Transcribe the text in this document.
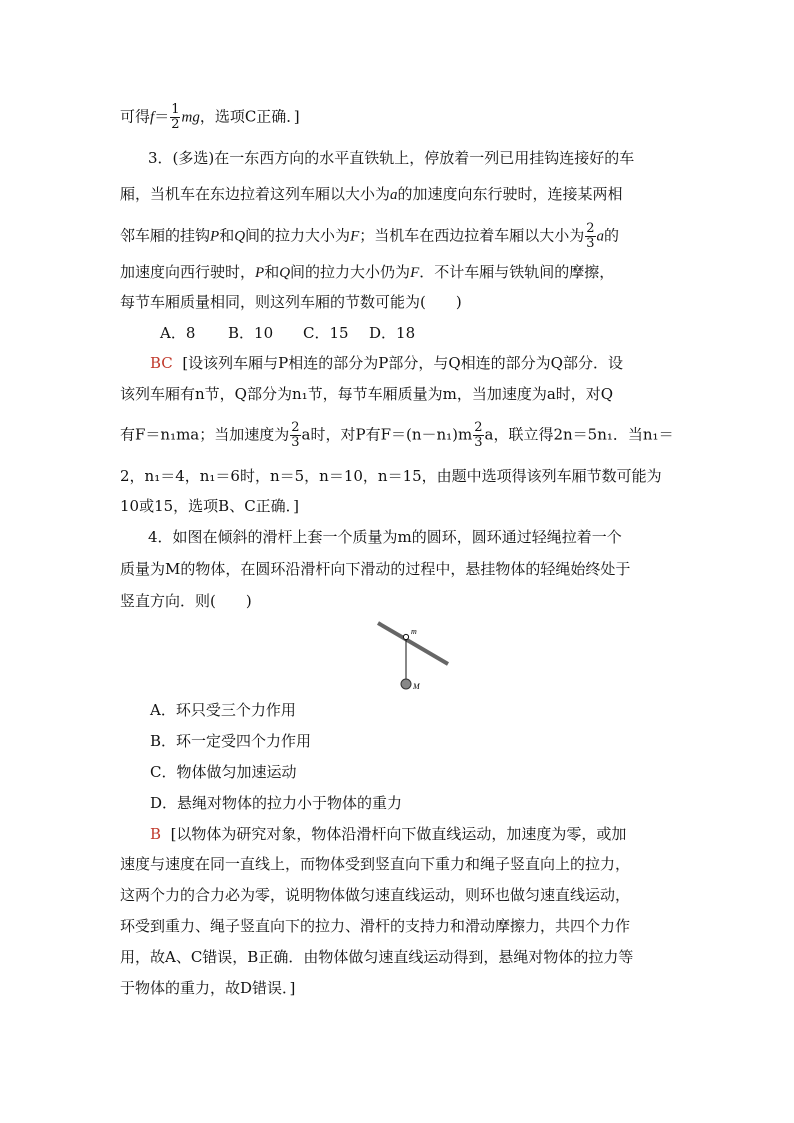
可得$f= \frac{1}{2}$ mg，选项C正确．]
3．(多选)在一东西方向的水平直铁轨上，停放着一列已用挂钩连接好的车
厢，当机车在东边拉着这列车厢以大小为a的加速度向东行驶时，连接某两相
邻车厢的挂钩P和Q间的拉力大小为F；当机车在西边拉着车厢以大小为 $\frac{2}{3}$ a的
加速度向西行驶时，P和Q间的拉力大小仍为F．不计车厢与铁轨间的摩擦，
每节车厢质量相同，则这列车厢的节数可能为(　　)
A．8 B．10 C．15 D．18
BC [设该列车厢与P相连的部分为P部分，与Q相连的部分为Q部分．设
该列车厢有n节，Q部分为n₁节，每节车厢质量为m，当加速度为a时，对Q
有F＝n₁ma；当加速度为 $\frac{2}{3}$ a时，对P有$F=(n-n_1)m \frac{2}{3}$ a，联立得2n＝5n₁．当n₁＝
2，n₁＝4，n₁＝6时，n＝5，n＝10，n＝15，由题中选项得该列车厢节数可能为
10或15，选项B、C正确．]
4．如图在倾斜的滑杆上套一个质量为m的圆环，圆环通过轻绳拉着一个
质量为M的物体，在圆环沿滑杆向下滑动的过程中，悬挂物体的轻绳始终处于
竖直方向．则(　　)
m
M
A．环只受三个力作用
B．环一定受四个力作用
C．物体做匀加速运动
D．悬绳对物体的拉力小于物体的重力
B [以物体为研究对象，物体沿滑杆向下做直线运动，加速度为零，或加
速度与速度在同一直线上，而物体受到竖直向下重力和绳子竖直向上的拉力，
这两个力的合力必为零，说明物体做匀速直线运动，则环也做匀速直线运动，
环受到重力、绳子竖直向下的拉力、滑杆的支持力和滑动摩擦力，共四个力作
用，故A、C错误，B正确．由物体做匀速直线运动得到，悬绳对物体的拉力等
于物体的重力，故D错误．]
